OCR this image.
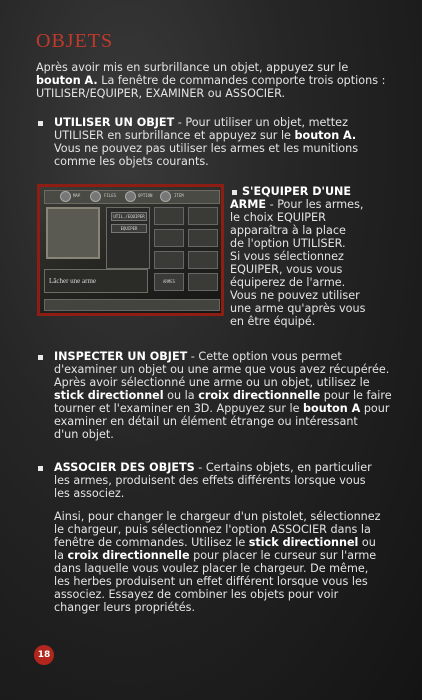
OBJETS
Après avoir mis en surbrillance un objet, appuyez sur le
bouton A. La fenêtre de commandes comporte trois options :
UTILISER/EQUIPER, EXAMINER ou ASSOCIER.
UTILISER UN OBJET - Pour utiliser un objet, mettez
UTILISER en surbrillance et appuyez sur le bouton A.
Vous ne pouvez pas utiliser les armes et les munitions
comme les objets courants.
MAP	FILES	OPTION	ITEM
UTIL./EQUIPER
EQUIPER
ARMES
Lâcher une arme
S'EQUIPER D'UNE
ARME - Pour les armes,
le choix EQUIPER
apparaîtra à la place
de l'option UTILISER.
Si vous sélectionnez
EQUIPER, vous vous
équiperez de l'arme.
Vous ne pouvez utiliser
une arme qu'après vous
en être équipé.
INSPECTER UN OBJET - Cette option vous permet
d'examiner un objet ou une arme que vous avez récupérée.
Après avoir sélectionné une arme ou un objet, utilisez le
stick directionnel ou la croix directionnelle pour le faire
tourner et l'examiner en 3D. Appuyez sur le bouton A pour
examiner en détail un élément étrange ou intéressant
d'un objet.
ASSOCIER DES OBJETS - Certains objets, en particulier
les armes, produisent des effets différents lorsque vous
les associez.
Ainsi, pour changer le chargeur d'un pistolet, sélectionnez
le chargeur, puis sélectionnez l'option ASSOCIER dans la
fenêtre de commandes. Utilisez le stick directionnel ou
la croix directionnelle pour placer le curseur sur l'arme
dans laquelle vous voulez placer le chargeur. De même,
les herbes produisent un effet différent lorsque vous les
associez. Essayez de combiner les objets pour voir
changer leurs propriétés.
18
